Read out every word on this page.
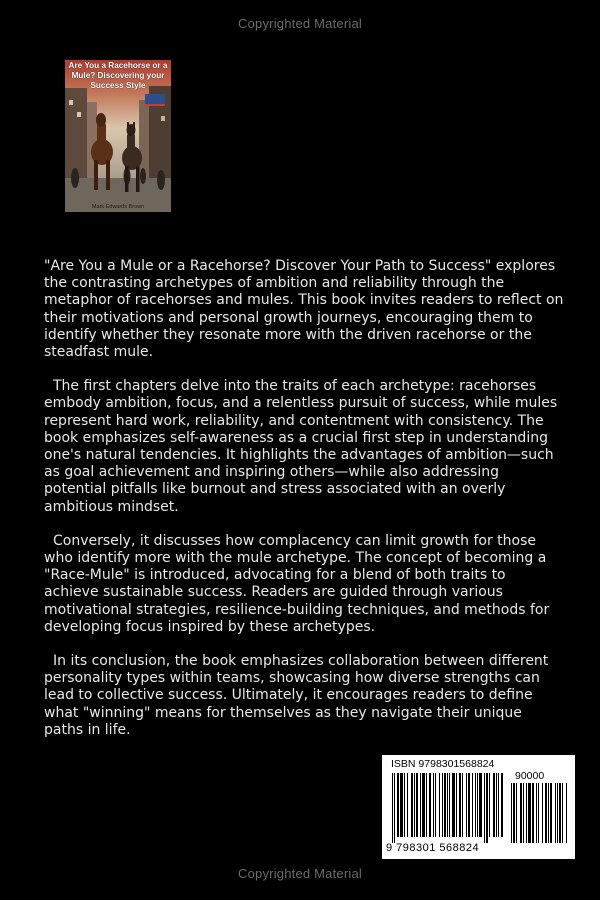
Copyrighted Material
Are You a Racehorse or a Mule? Discovering your Success Style
Mark Edwards Brown

"Are You a Mule or a Racehorse? Discover Your Path to Success" explores the contrasting archetypes of ambition and reliability through the metaphor of racehorses and mules. This book invites readers to reflect on their motivations and personal growth journeys, encouraging them to identify whether they resonate more with the driven racehorse or the steadfast mule.

The first chapters delve into the traits of each archetype: racehorses embody ambition, focus, and a relentless pursuit of success, while mules represent hard work, reliability, and contentment with consistency. The book emphasizes self-awareness as a crucial first step in understanding one's natural tendencies. It highlights the advantages of ambition—such as goal achievement and inspiring others—while also addressing potential pitfalls like burnout and stress associated with an overly ambitious mindset.

Conversely, it discusses how complacency can limit growth for those who identify more with the mule archetype. The concept of becoming a "Race-Mule" is introduced, advocating for a blend of both traits to achieve sustainable success. Readers are guided through various motivational strategies, resilience-building techniques, and methods for developing focus inspired by these archetypes.

In its conclusion, the book emphasizes collaboration between different personality types within teams, showcasing how diverse strengths can lead to collective success. Ultimately, it encourages readers to define what "winning" means for themselves as they navigate their unique paths in life.

ISBN 9798301568824
90000
9 798301 568824
Copyrighted Material
